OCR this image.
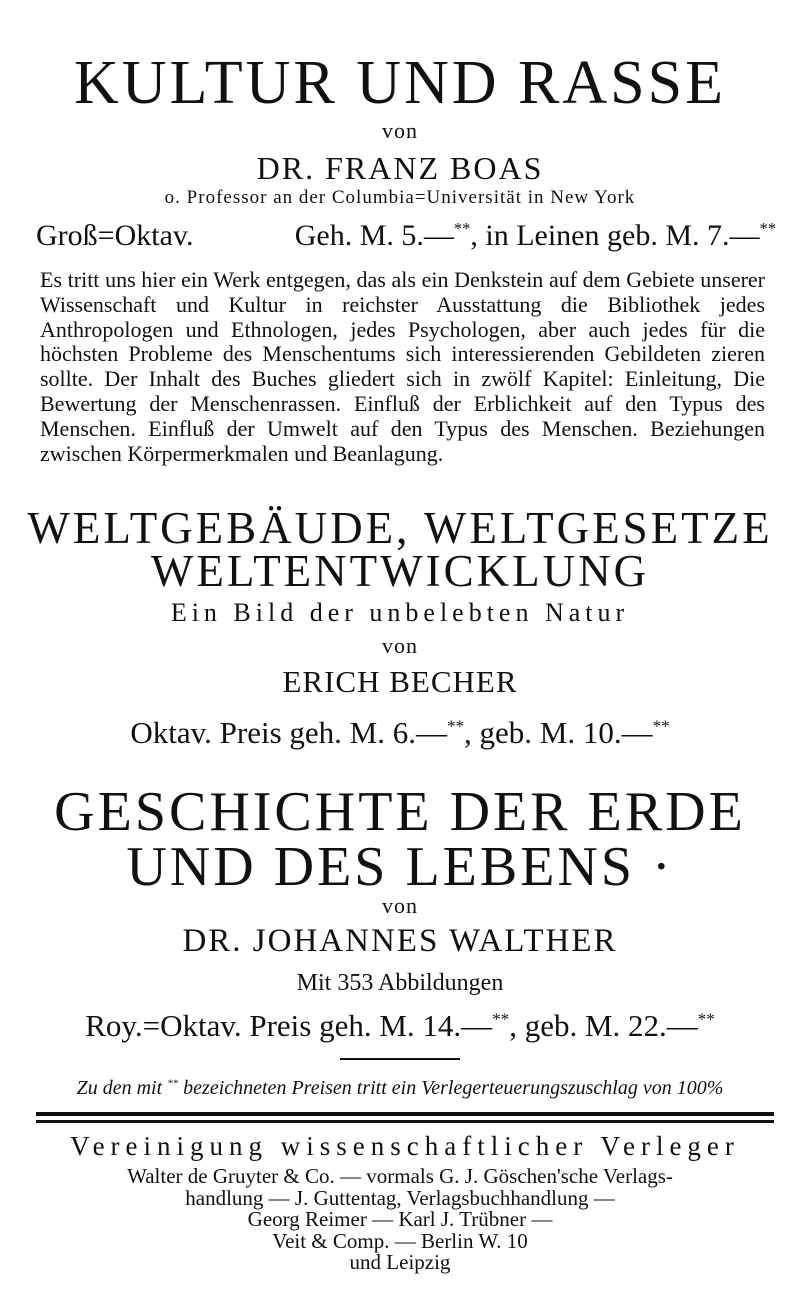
KULTUR UND RASSE
von
DR. FRANZ BOAS
o. Professor an der Columbia=Universität in New York
Groß=Oktav.	Geh. M. 5.—**, in Leinen geb. M. 7.—**
Es tritt uns hier ein Werk entgegen, das als ein Denkstein auf dem Gebiete unserer Wissenschaft und Kultur in reichster Ausstattung die Bibliothek jedes Anthropologen und Ethnologen, jedes Psychologen, aber auch jedes für die höchsten Probleme des Menschentums sich interessierenden Gebildeten zieren sollte. Der Inhalt des Buches gliedert sich in zwölf Kapitel: Einleitung, Die Bewertung der Menschenrassen. Einfluß der Erblichkeit auf den Typus des Menschen. Einfluß der Umwelt auf den Typus des Menschen. Beziehungen zwischen Körpermerkmalen und Beanlagung.
WELTGEBÄUDE, WELTGESETZE
WELTENTWICKLUNG
Ein Bild der unbelebten Natur
von
ERICH BECHER
Oktav. Preis geh. M. 6.—**, geb. M. 10.—**
GESCHICHTE DER ERDE
UND DES LEBENS ·
von
DR. JOHANNES WALTHER
Mit 353 Abbildungen
Roy.=Oktav. Preis geh. M. 14.—**, geb. M. 22.—**
Zu den mit ** bezeichneten Preisen tritt ein Verlegerteuerungszuschlag von 100%
Vereinigung wissenschaftlicher Verleger
Walter de Gruyter & Co. — vormals G. J. Göschen'sche Verlags-
handlung — J. Guttentag, Verlagsbuchhandlung —
Georg Reimer — Karl J. Trübner —
Veit & Comp. — Berlin W. 10
und Leipzig
